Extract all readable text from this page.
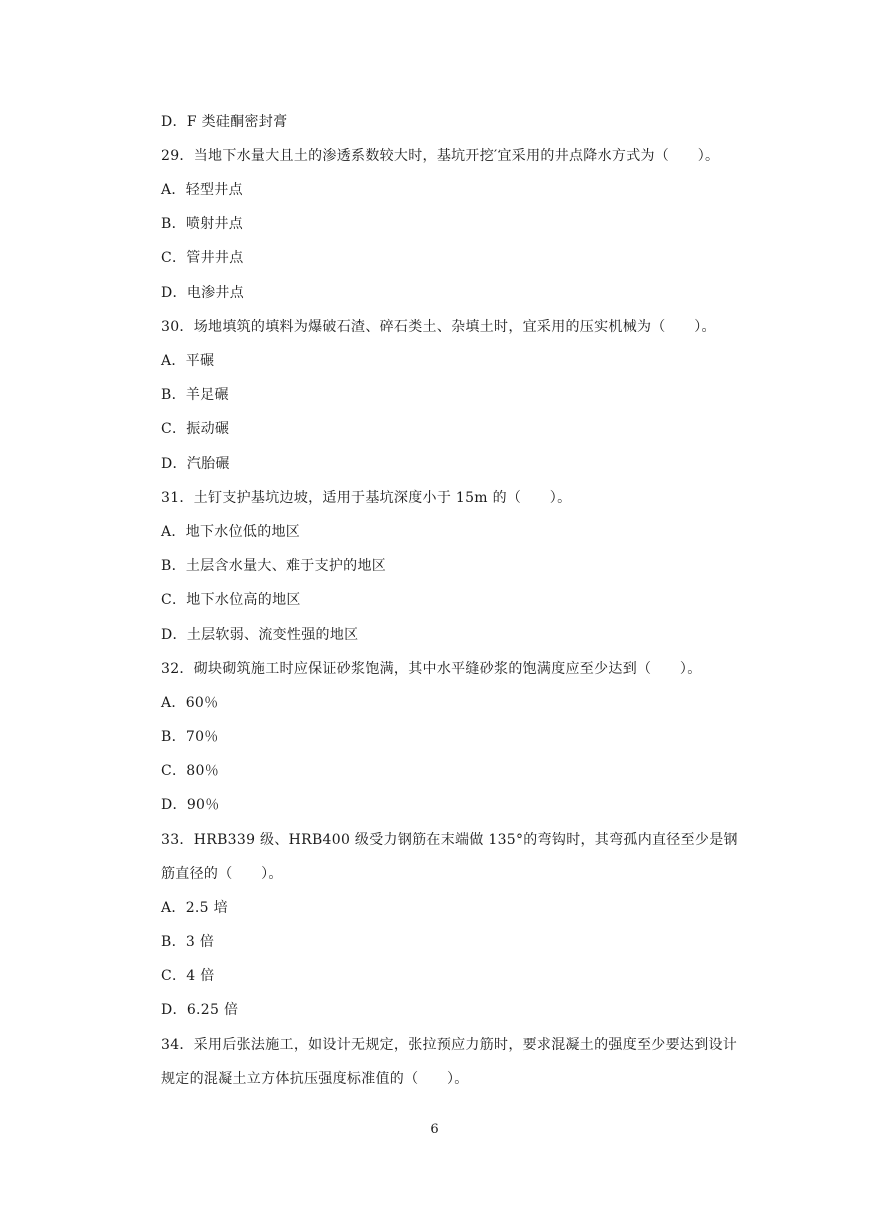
D．F 类硅酮密封膏
29．当地下水量大且土的渗透系数较大时，基坑开挖′宜采用的井点降水方式为（　　）。
A．轻型井点
B．喷射井点
C．管井井点
D．电渗井点
30．场地填筑的填料为爆破石渣、碎石类土、杂填土时，宜采用的压实机械为（　　）。
A．平碾
B．羊足碾
C．振动碾
D．汽胎碾
31．土钉支护基坑边坡，适用于基坑深度小于 15m 的（　　）。
A．地下水位低的地区
B．土层含水量大、难于支护的地区
C．地下水位高的地区
D．土层软弱、流变性强的地区
32．砌块砌筑施工时应保证砂浆饱满，其中水平缝砂浆的饱满度应至少达到（　　）。
A．60％
B．70％
C．80％
D．90％
33．HRB339 级、HRB400 级受力钢筋在末端做 135°的弯钩时，其弯孤内直径至少是钢筋直径的（　　）。
A．2.5 培
B．3 倍
C．4 倍
D．6.25 倍
34．采用后张法施工，如设计无规定，张拉预应力筋时，要求混凝土的强度至少要达到设计规定的混凝土立方体抗压强度标准值的（　　）。
6
